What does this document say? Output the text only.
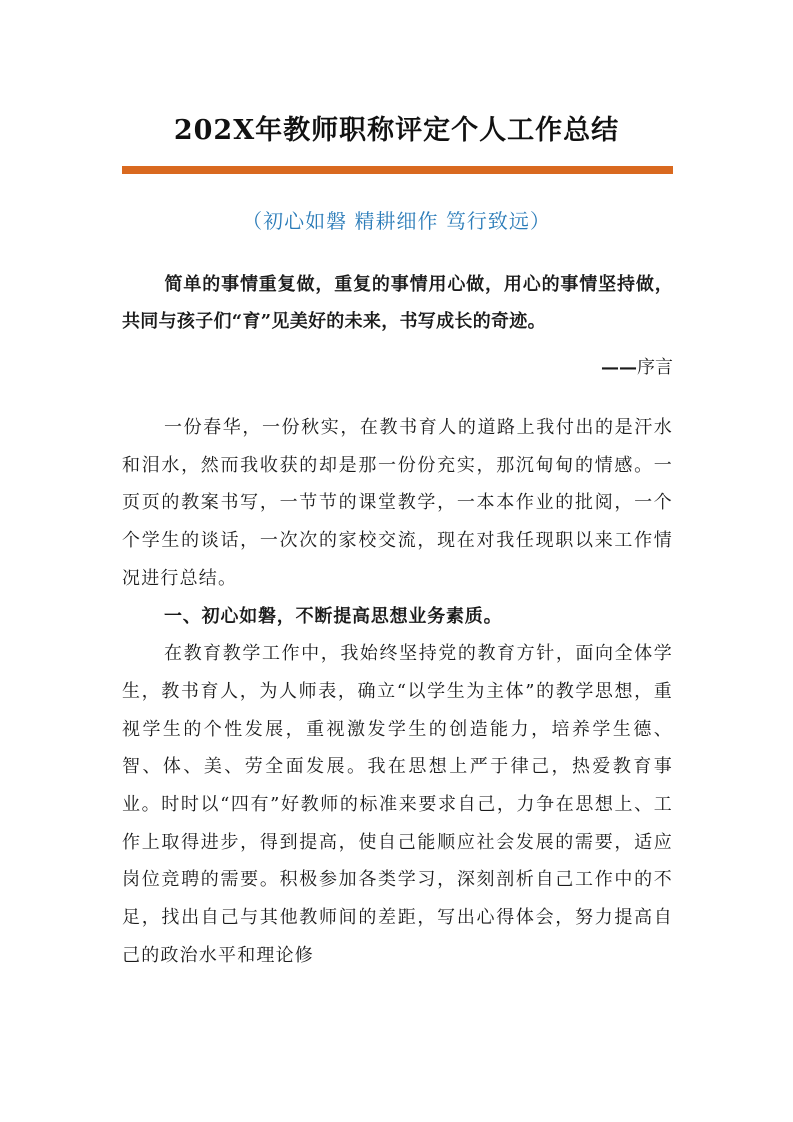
202X年教师职称评定个人工作总结
（初心如磐 精耕细作 笃行致远）
简单的事情重复做，重复的事情用心做，用心的事情坚持做，共同与孩子们“育”见美好的未来，书写成长的奇迹。
——序言

一份春华，一份秋实，在教书育人的道路上我付出的是汗水和泪水，然而我收获的却是那一份份充实，那沉甸甸的情感。一页页的教案书写，一节节的课堂教学，一本本作业的批阅，一个个学生的谈话，一次次的家校交流，现在对我任现职以来工作情况进行总结。

一、初心如磐，不断提高思想业务素质。

在教育教学工作中，我始终坚持党的教育方针，面向全体学生，教书育人，为人师表，确立“以学生为主体”的教学思想，重视学生的个性发展，重视激发学生的创造能力，培养学生德、智、体、美、劳全面发展。我在思想上严于律己，热爱教育事业。时时以“四有”好教师的标准来要求自己，力争在思想上、工作上取得进步，得到提高，使自己能顺应社会发展的需要，适应岗位竞聘的需要。积极参加各类学习，深刻剖析自己工作中的不足，找出自己与其他教师间的差距，写出心得体会，努力提高自己的政治水平和理论修
